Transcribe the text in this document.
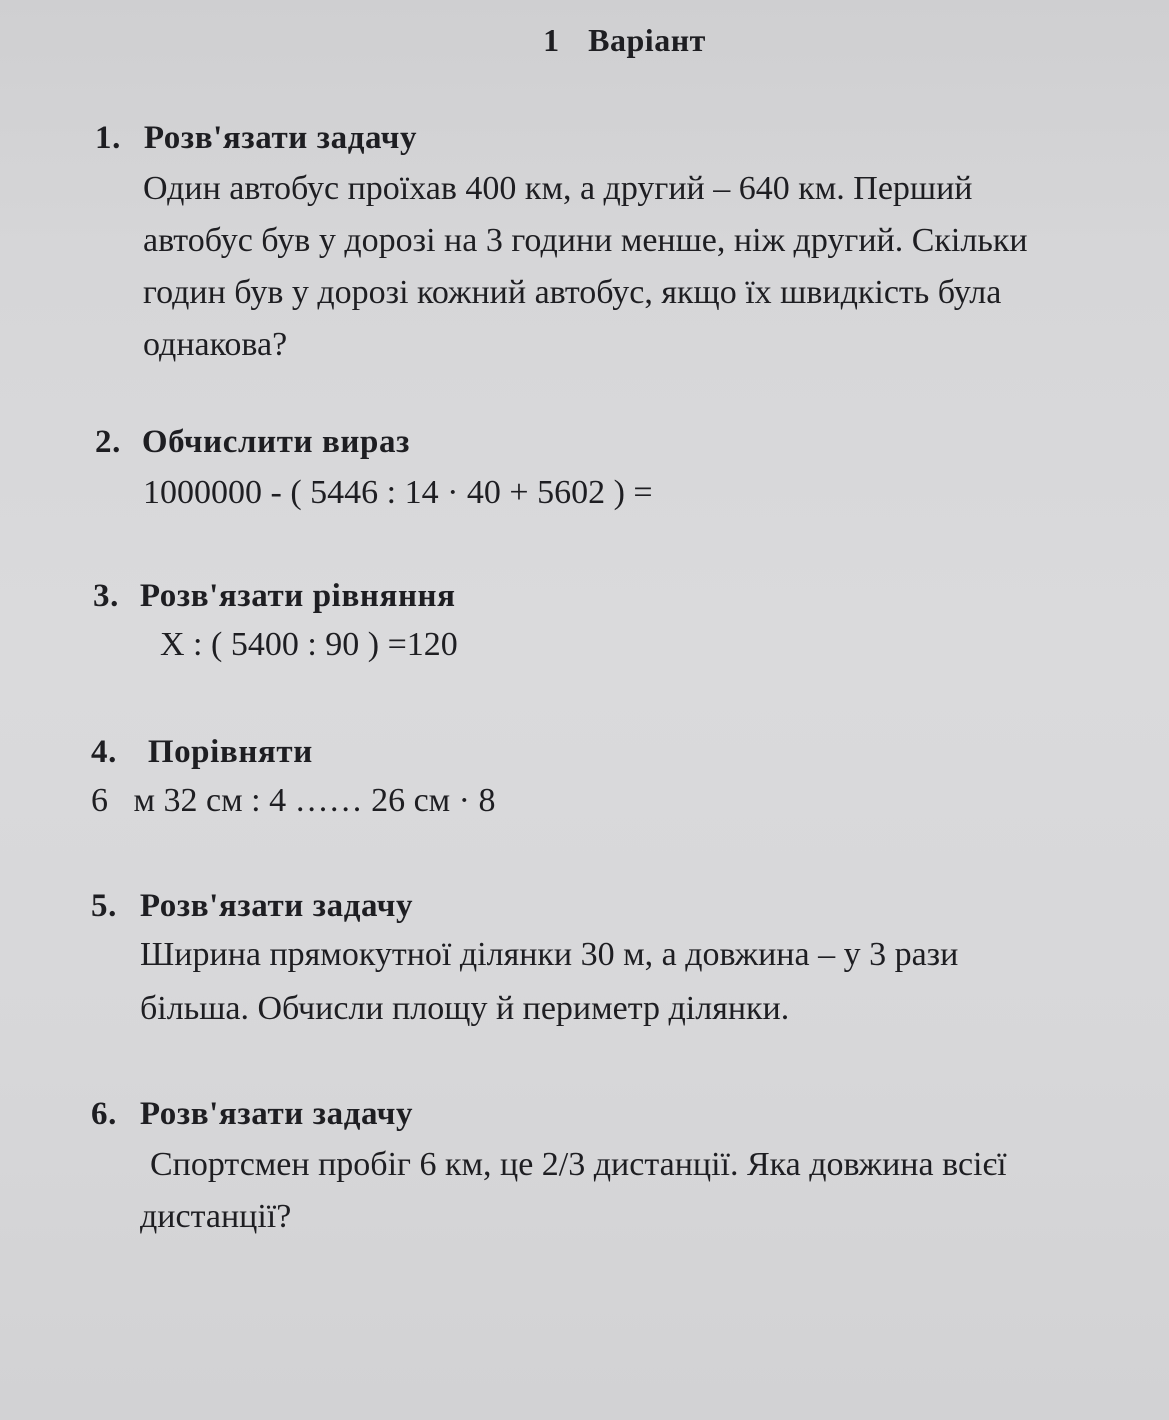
1 Варіант
1. Розв'язати задачу
Один автобус проїхав 400 км, а другий – 640 км. Перший
автобус був у дорозі на 3 години менше, ніж другий. Скільки
годин був у дорозі кожний автобус, якщо їх швидкість була
однакова?
2. Обчислити вираз
1000000 - ( 5446 : 14 · 40 + 5602 ) =
3. Розв'язати рівняння
X : ( 5400 : 90 ) =120
4. Порівняти
6   м 32 см : 4 …… 26 см · 8
5. Розв'язати задачу
Ширина прямокутної ділянки 30 м, а довжина – у 3 рази
більша. Обчисли площу й периметр ділянки.
6. Розв'язати задачу
Спортсмен пробіг 6 км, це 2/3 дистанції. Яка довжина всієї
дистанції?
